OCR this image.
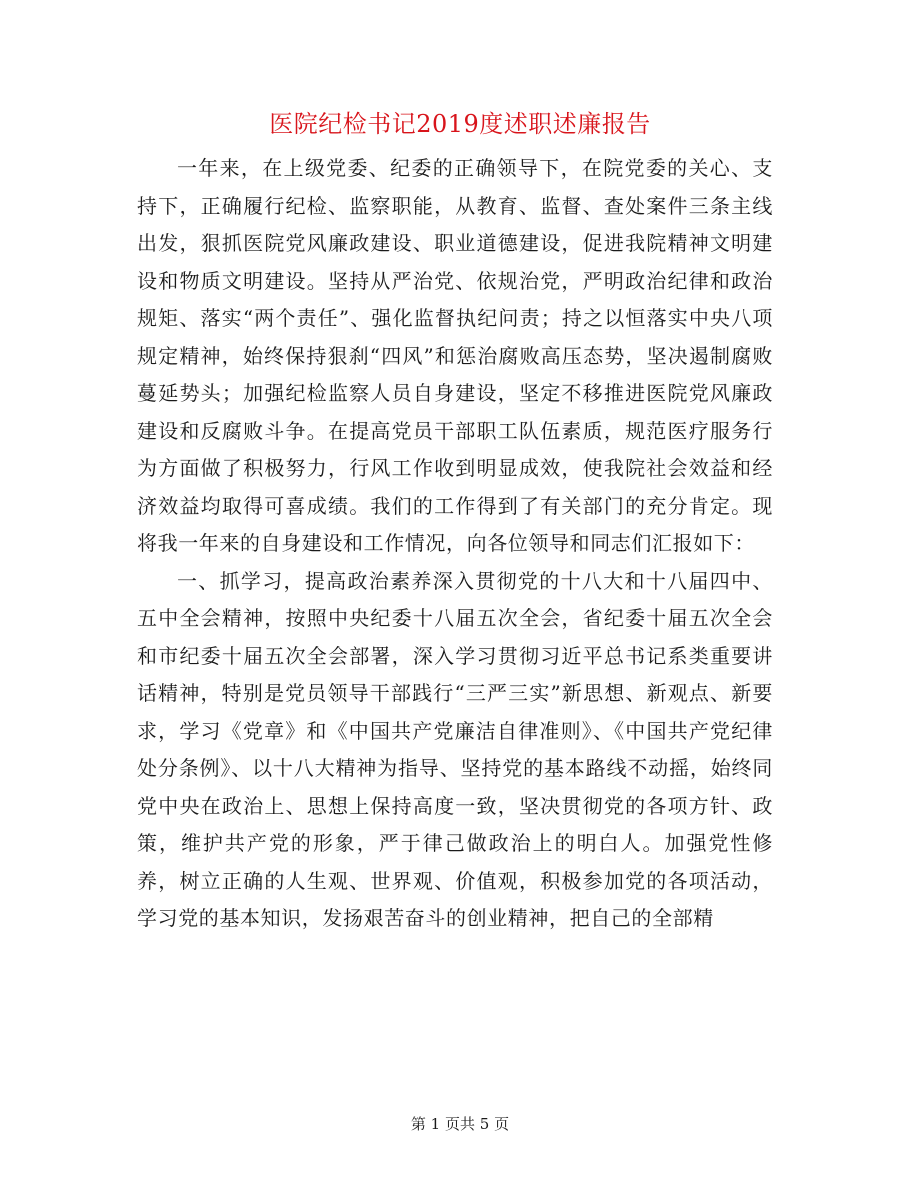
医院纪检书记2019度述职述廉报告

一年来，在上级党委、纪委的正确领导下，在院党委的关心、支持下，正确履行纪检、监察职能，从教育、监督、查处案件三条主线出发，狠抓医院党风廉政建设、职业道德建设，促进我院精神文明建设和物质文明建设。坚持从严治党、依规治党，严明政治纪律和政治规矩、落实“两个责任”、强化监督执纪问责；持之以恒落实中央八项规定精神，始终保持狠刹“四风”和惩治腐败高压态势，坚决遏制腐败蔓延势头；加强纪检监察人员自身建设，坚定不移推进医院党风廉政建设和反腐败斗争。在提高党员干部职工队伍素质，规范医疗服务行为方面做了积极努力，行风工作收到明显成效，使我院社会效益和经济效益均取得可喜成绩。我们的工作得到了有关部门的充分肯定。现将我一年来的自身建设和工作情况，向各位领导和同志们汇报如下：

一、抓学习，提高政治素养深入贯彻党的十八大和十八届四中、五中全会精神，按照中央纪委十八届五次全会，省纪委十届五次全会和市纪委十届五次全会部署，深入学习贯彻习近平总书记系类重要讲话精神，特别是党员领导干部践行“三严三实”新思想、新观点、新要求，学习《党章》和《中国共产党廉洁自律准则》、《中国共产党纪律处分条例》、以十八大精神为指导、坚持党的基本路线不动摇，始终同党中央在政治上、思想上保持高度一致，坚决贯彻党的各项方针、政策，维护共产党的形象，严于律己做政治上的明白人。加强党性修养，树立正确的人生观、世界观、价值观，积极参加党的各项活动，学习党的基本知识，发扬艰苦奋斗的创业精神，把自己的全部精

第 1 页共 5 页
